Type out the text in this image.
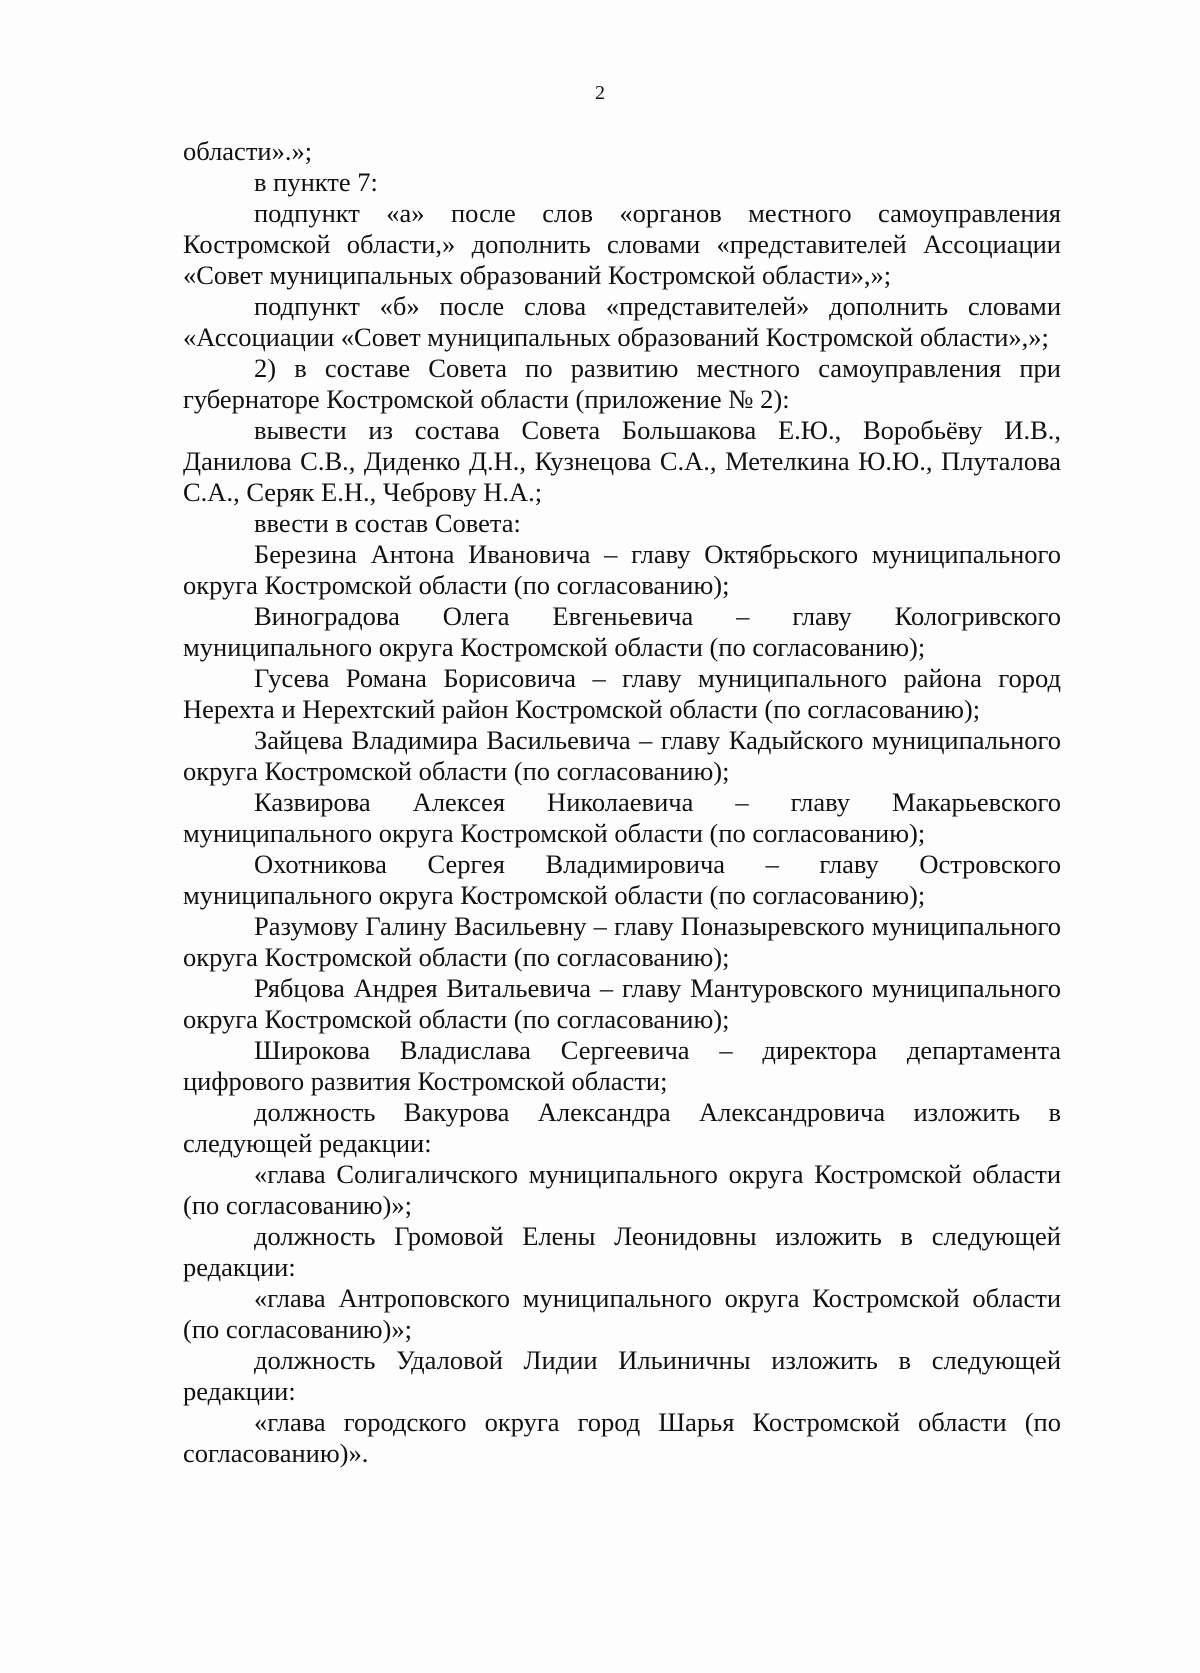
2

области».»;

в пункте 7:

подпункт «а» после слов «органов местного самоуправления Костромской области,» дополнить словами «представителей Ассоциации «Совет муниципальных образований Костромской области»,»;

подпункт «б» после слова «представителей» дополнить словами «Ассоциации «Совет муниципальных образований Костромской области»,»;

2) в составе Совета по развитию местного самоуправления при губернаторе Костромской области (приложение № 2):

вывести из состава Совета Большакова Е.Ю., Воробьёву И.В., Данилова С.В., Диденко Д.Н., Кузнецова С.А., Метелкина Ю.Ю., Плуталова С.А., Серяк Е.Н., Чеброву Н.А.;

ввести в состав Совета:

Березина Антона Ивановича – главу Октябрьского муниципального округа Костромской области (по согласованию);

Виноградова Олега Евгеньевича – главу Кологривского муниципального округа Костромской области (по согласованию);

Гусева Романа Борисовича – главу муниципального района город Нерехта и Нерехтский район Костромской области (по согласованию);

Зайцева Владимира Васильевича – главу Кадыйского муниципального округа Костромской области (по согласованию);

Казвирова Алексея Николаевича – главу Макарьевского муниципального округа Костромской области (по согласованию);

Охотникова Сергея Владимировича – главу Островского муниципального округа Костромской области (по согласованию);

Разумову Галину Васильевну – главу Поназыревского муниципального округа Костромской области (по согласованию);

Рябцова Андрея Витальевича – главу Мантуровского муниципального округа Костромской области (по согласованию);

Широкова Владислава Сергеевича – директора департамента цифрового развития Костромской области;

должность Вакурова Александра Александровича изложить в следующей редакции:

«глава Солигаличского муниципального округа Костромской области (по согласованию)»;

должность Громовой Елены Леонидовны изложить в следующей редакции:

«глава Антроповского муниципального округа Костромской области (по согласованию)»;

должность Удаловой Лидии Ильиничны изложить в следующей редакции:

«глава городского округа город Шарья Костромской области (по согласованию)».
